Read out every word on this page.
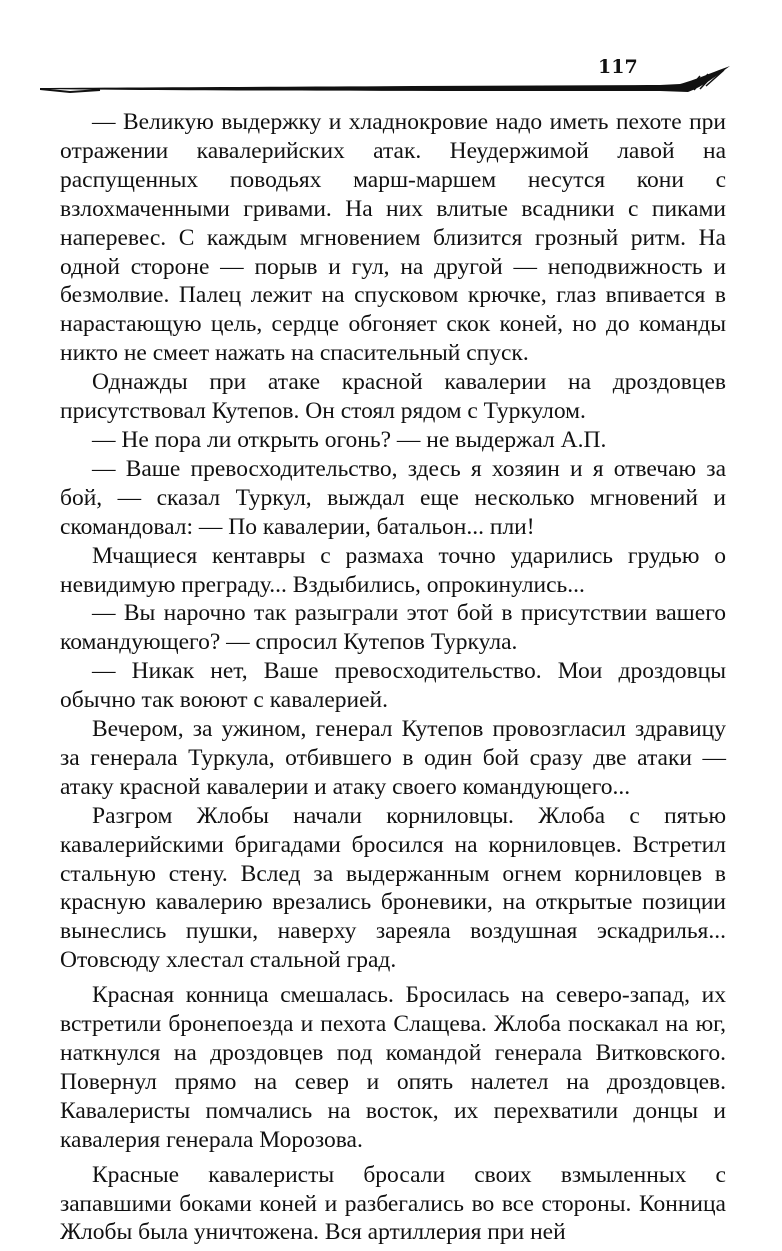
117

— Великую выдержку и хладнокровие надо иметь пехоте при отражении кавалерийских атак. Неудержимой лавой на распущенных поводьях марш-маршем несутся кони с взлохмаченными гривами. На них влитые всадники с пиками наперевес. С каждым мгновением близится грозный ритм. На одной стороне — порыв и гул, на другой — неподвижность и безмолвие. Палец лежит на спусковом крючке, глаз впивается в нарастающую цель, сердце обгоняет скок коней, но до команды никто не смеет нажать на спасительный спуск.

Однажды при атаке красной кавалерии на дроздовцев присутствовал Кутепов. Он стоял рядом с Туркулом.

— Не пора ли открыть огонь? — не выдержал А.П.

— Ваше превосходительство, здесь я хозяин и я отвечаю за бой, — сказал Туркул, выждал еще несколько мгновений и скомандовал: — По кавалерии, батальон... пли!

Мчащиеся кентавры с размаха точно ударились грудью о невидимую преграду... Вздыбились, опрокинулись...

— Вы нарочно так разыграли этот бой в присутствии вашего командующего? — спросил Кутепов Туркула.

— Никак нет, Ваше превосходительство. Мои дроздовцы обычно так воюют с кавалерией.

Вечером, за ужином, генерал Кутепов провозгласил здравицу за генерала Туркула, отбившего в один бой сразу две атаки — атаку красной кавалерии и атаку своего командующего...

Разгром Жлобы начали корниловцы. Жлоба с пятью кавалерийскими бригадами бросился на корниловцев. Встретил стальную стену. Вслед за выдержанным огнем корниловцев в красную кавалерию врезались броневики, на открытые позиции вынеслись пушки, наверху зареяла воздушная эскадрилья... Отовсюду хлестал стальной град.

Красная конница смешалась. Бросилась на северо-запад, их встретили бронепоезда и пехота Слащева. Жлоба поскакал на юг, наткнулся на дроздовцев под командой генерала Витковского. Повернул прямо на север и опять налетел на дроздовцев. Кавалеристы помчались на восток, их перехватили донцы и кавалерия генерала Морозова.

Красные кавалеристы бросали своих взмыленных с запавшими боками коней и разбегались во все стороны. Конница Жлобы была уничтожена. Вся артиллерия при ней
